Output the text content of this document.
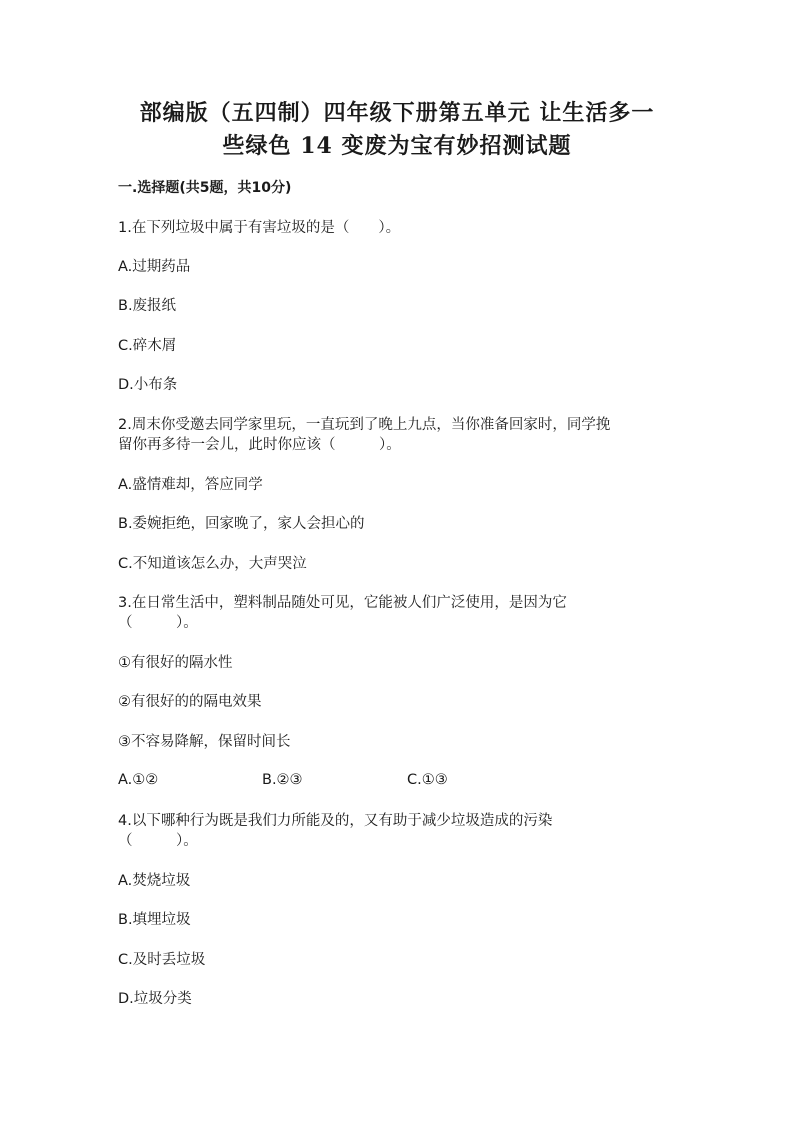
部编版（五四制）四年级下册第五单元 让生活多一
些绿色 14 变废为宝有妙招测试题
一.选择题(共5题，共10分)
1.在下列垃圾中属于有害垃圾的是（　　）。
A.过期药品
B.废报纸
C.碎木屑
D.小布条
2.周末你受邀去同学家里玩，一直玩到了晚上九点，当你准备回家时，同学挽
留你再多待一会儿，此时你应该（　　　）。
A.盛情难却，答应同学
B.委婉拒绝，回家晚了，家人会担心的
C.不知道该怎么办，大声哭泣
3.在日常生活中，塑料制品随处可见，它能被人们广泛使用，是因为它
（　　　）。
①有很好的隔水性
②有很好的的隔电效果
③不容易降解，保留时间长
A.①②	B.②③	C.①③
4.以下哪种行为既是我们力所能及的，又有助于减少垃圾造成的污染
（　　　）。
A.焚烧垃圾
B.填埋垃圾
C.及时丢垃圾
D.垃圾分类
